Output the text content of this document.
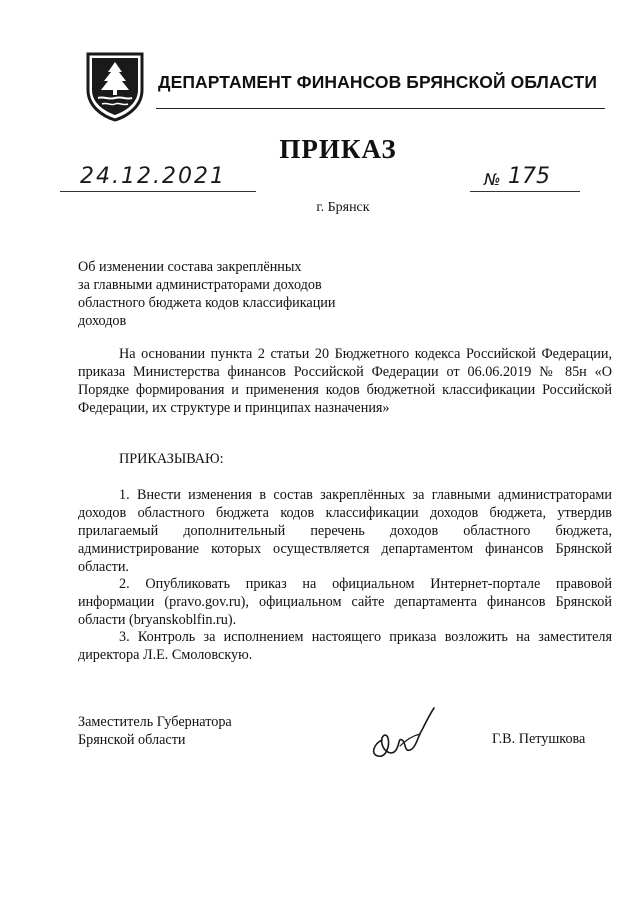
ДЕПАРТАМЕНТ ФИНАНСОВ БРЯНСКОЙ ОБЛАСТИ
ПРИКАЗ
24.12.2021	№ 175
г. Брянск
Об изменении состава закреплённых
за главными администраторами доходов
областного бюджета кодов классификации
доходов
На основании пункта 2 статьи 20 Бюджетного кодекса Российской Федерации, приказа Министерства финансов Российской Федерации от 06.06.2019 № 85н «О Порядке формирования и применения кодов бюджетной классификации Российской Федерации, их структуре и принципах назначения»
ПРИКАЗЫВАЮ:
1. Внести изменения в состав закреплённых за главными администраторами доходов областного бюджета кодов классификации доходов бюджета, утвердив прилагаемый дополнительный перечень доходов областного бюджета, администрирование которых осуществляется департаментом финансов Брянской области.
2. Опубликовать приказ на официальном Интернет-портале правовой информации (pravo.gov.ru), официальном сайте департамента финансов Брянской области (bryanskoblfin.ru).
3. Контроль за исполнением настоящего приказа возложить на заместителя директора Л.Е. Смоловскую.
Заместитель Губернатора
Брянской области	Г.В. Петушкова
